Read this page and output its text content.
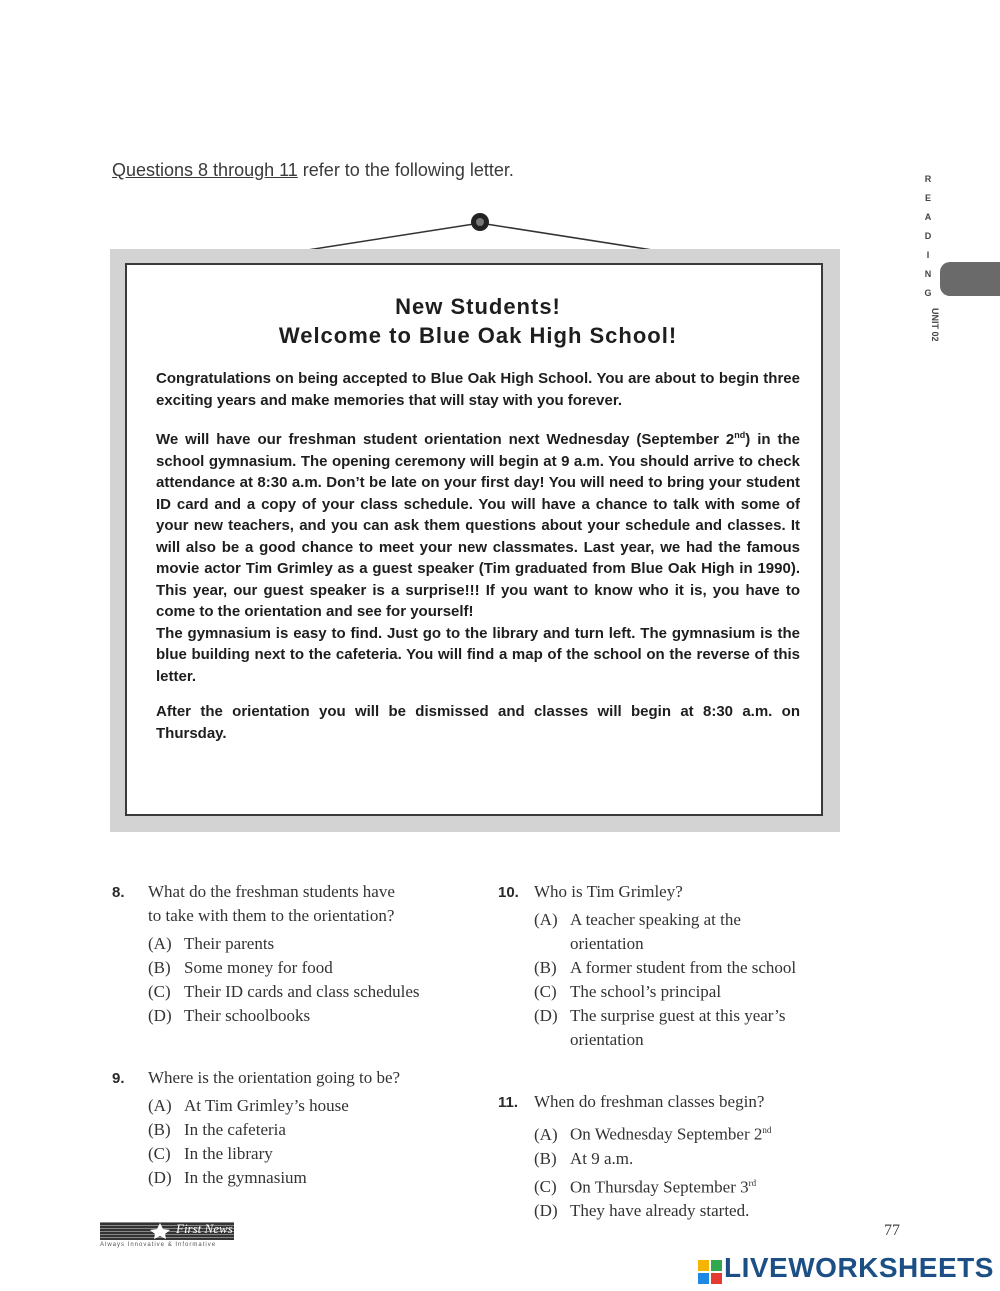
Questions 8 through 11 refer to the following letter.	R
E
A
D
I
N
G
UNIT 02

New Students!

Welcome to Blue Oak High School!

Congratulations on being accepted to Blue Oak High School. You are about to begin three exciting years and make memories that will stay with you forever.

We will have our freshman student orientation next Wednesday (September 2nd) in the school gymnasium. The opening ceremony will begin at 9 a.m. You should arrive to check attendance at 8:30 a.m. Don’t be late on your first day! You will need to bring your student ID card and a copy of your class schedule. You will have a chance to talk with some of your new teachers, and you can ask them questions about your schedule and classes. It will also be a good chance to meet your new classmates. Last year, we had the famous movie actor Tim Grimley as a guest speaker (Tim graduated from Blue Oak High in 1990). This year, our guest speaker is a surprise!!! If you want to know who it is, you have to come to the orientation and see for yourself!

The gymnasium is easy to find. Just go to the library and turn left. The gymnasium is the blue building next to the cafeteria. You will find a map of the school on the reverse of this letter.

After the orientation you will be dismissed and classes will begin at 8:30 a.m. on Thursday.

8. What do the freshman students have
to take with them to the orientation?
(A) Their parents
(B) Some money for food
(C) Their ID cards and class schedules
(D) Their schoolbooks
9. Where is the orientation going to be?
(A) At Tim Grimley’s house
(B) In the cafeteria
(C) In the library
(D) In the gymnasium
10. Who is Tim Grimley?
(A) A teacher speaking at the
orientation
(B) A former student from the school
(C) The school’s principal
(D) The surprise guest at this year’s
orientation
11. When do freshman classes begin?
(A) On Wednesday September 2nd
(B) At 9 a.m.
(C) On Thursday September 3rd
(D) They have already started.
77
First News
Always Innovative & Informative
LIVEWORKSHEETS
